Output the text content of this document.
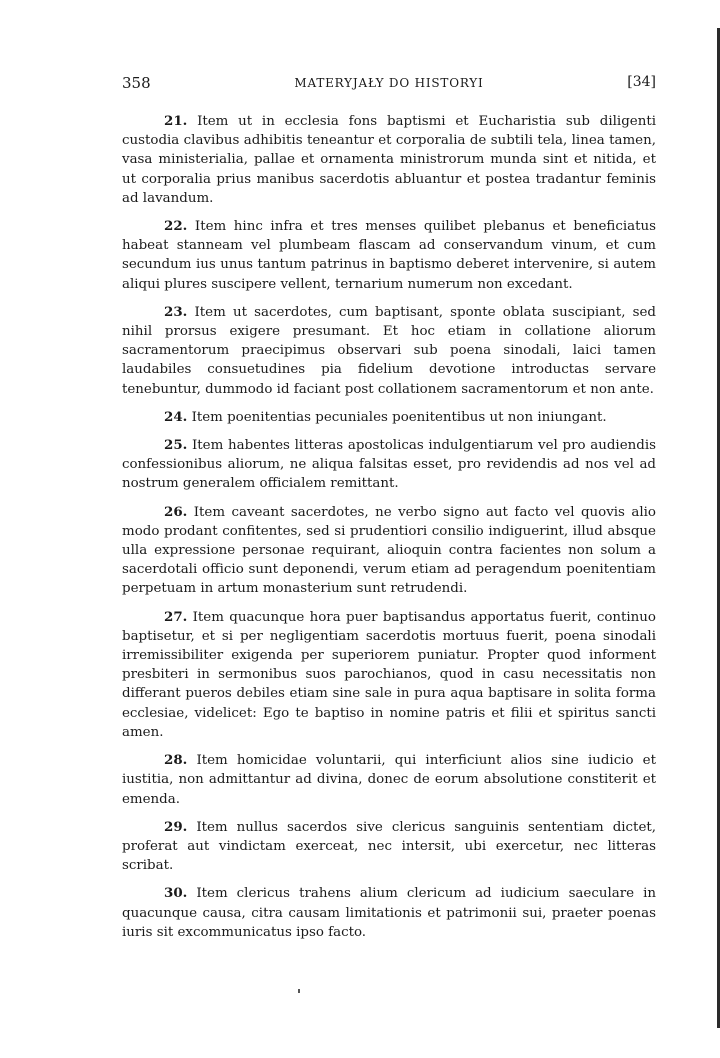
358	MATERYJAŁY DO HISTORYI	[34]

21. Item ut in ecclesia fons baptismi et Eucharistia sub diligenti custodia clavibus adhibitis teneantur et corporalia de subtili tela, linea tamen, vasa ministerialia, pallae et ornamenta ministrorum munda sint et nitida, et ut corporalia prius manibus sacerdotis abluantur et postea tradantur feminis ad lavandum.

22. Item hinc infra et tres menses quilibet plebanus et beneficiatus habeat stanneam vel plumbeam flascam ad conservandum vinum, et cum secundum ius unus tantum patrinus in baptismo deberet intervenire, si autem aliqui plures suscipere vellent, ternarium numerum non excedant.

23. Item ut sacerdotes, cum baptisant, sponte oblata suscipiant, sed nihil prorsus exigere presumant. Et hoc etiam in collatione aliorum sacramentorum praecipimus observari sub poena sinodali, laici tamen laudabiles consuetudines pia fidelium devotione introductas servare tenebuntur, dummodo id faciant post collationem sacramentorum et non ante.

24. Item poenitentias pecuniales poenitentibus ut non iniungant.

25. Item habentes litteras apostolicas indulgentiarum vel pro audiendis confessionibus aliorum, ne aliqua falsitas esset, pro revidendis ad nos vel ad nostrum generalem officialem remittant.

26. Item caveant sacerdotes, ne verbo signo aut facto vel quovis alio modo prodant confitentes, sed si prudentiori consilio indiguerint, illud absque ulla expressione personae requirant, alioquin contra facientes non solum a sacerdotali officio sunt deponendi, verum etiam ad peragendum poenitentiam perpetuam in artum monasterium sunt retrudendi.

27. Item quacunque hora puer baptisandus apportatus fuerit, continuo baptisetur, et si per negligentiam sacerdotis mortuus fuerit, poena sinodali irremissibiliter exigenda per superiorem puniatur. Propter quod informent presbiteri in sermonibus suos parochianos, quod in casu necessitatis non differant pueros debiles etiam sine sale in pura aqua baptisare in solita forma ecclesiae, videlicet: Ego te baptiso in nomine patris et filii et spiritus sancti amen.

28. Item homicidae voluntarii, qui interficiunt alios sine iudicio et iustitia, non admittantur ad divina, donec de eorum absolutione constiterit et emenda.

29. Item nullus sacerdos sive clericus sanguinis sententiam dictet, proferat aut vindictam exerceat, nec intersit, ubi exercetur, nec litteras scribat.

30. Item clericus trahens alium clericum ad iudicium saeculare in quacunque causa, citra causam limitationis et patrimonii sui, praeter poenas iuris sit excommunicatus ipso facto.
